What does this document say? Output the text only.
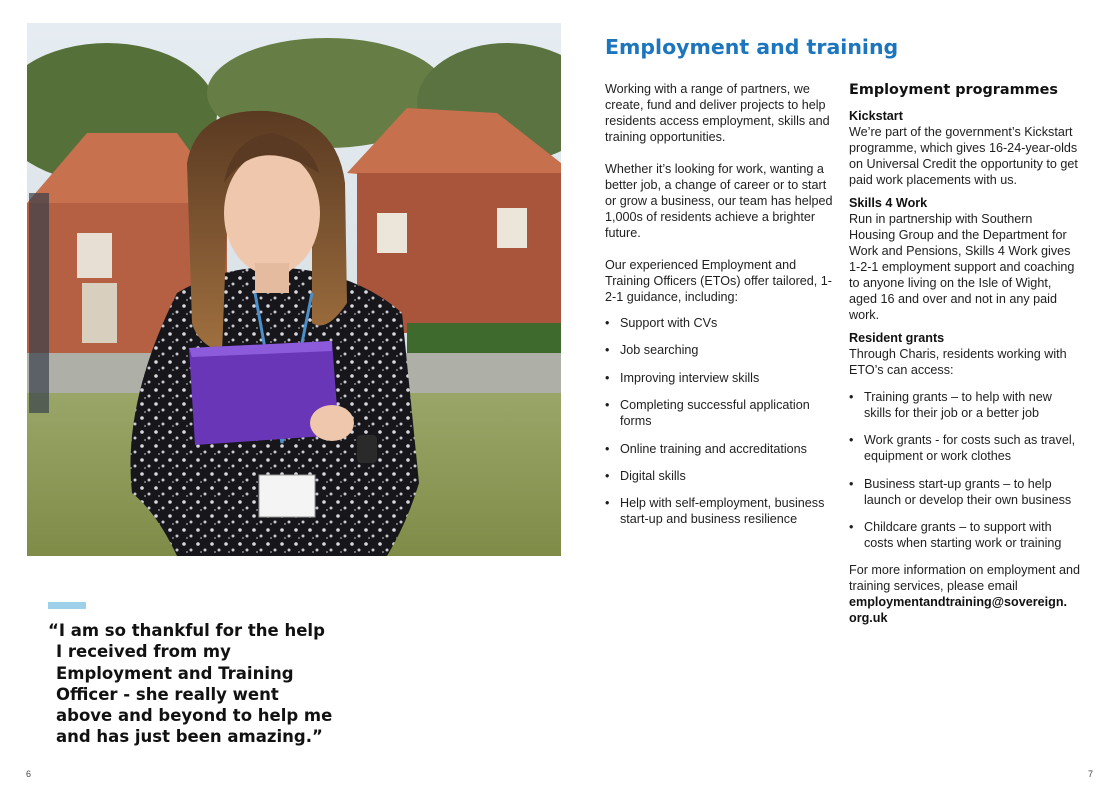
“I am so thankful for the help
I received from my
Employment and Training
Officer - she really went
above and beyond to help me
and has just been amazing.”
6	7
Employment and training

Working with a range of partners, we create, fund and deliver projects to help residents access employment, skills and training opportunities.

Whether it’s looking for work, wanting a better job, a change of career or to start or grow a business, our team has helped 1,000s of residents achieve a brighter future.

Our experienced Employment and Training Officers (ETOs) offer tailored, 1-2-1 guidance, including:

• Support with CVs
• Job searching
• Improving interview skills
• Completing successful application forms
• Online training and accreditations
• Digital skills
• Help with self-employment, business start-up and business resilience
Employment programmes

Kickstart

We’re part of the government’s Kickstart programme, which gives 16-24-year-olds on Universal Credit the opportunity to get paid work placements with us.

Skills 4 Work

Run in partnership with Southern Housing Group and the Department for Work and Pensions, Skills 4 Work gives 1-2-1 employment support and coaching to anyone living on the Isle of Wight, aged 16 and over and not in any paid work.

Resident grants

Through Charis, residents working with ETO’s can access:

• Training grants – to help with new skills for their job or a better job
• Work grants - for costs such as travel, equipment or work clothes
• Business start-up grants – to help launch or develop their own business
• Childcare grants – to support with costs when starting work or training

For more information on employment and training services, please email

employmentandtraining@sovereign.
org.uk
